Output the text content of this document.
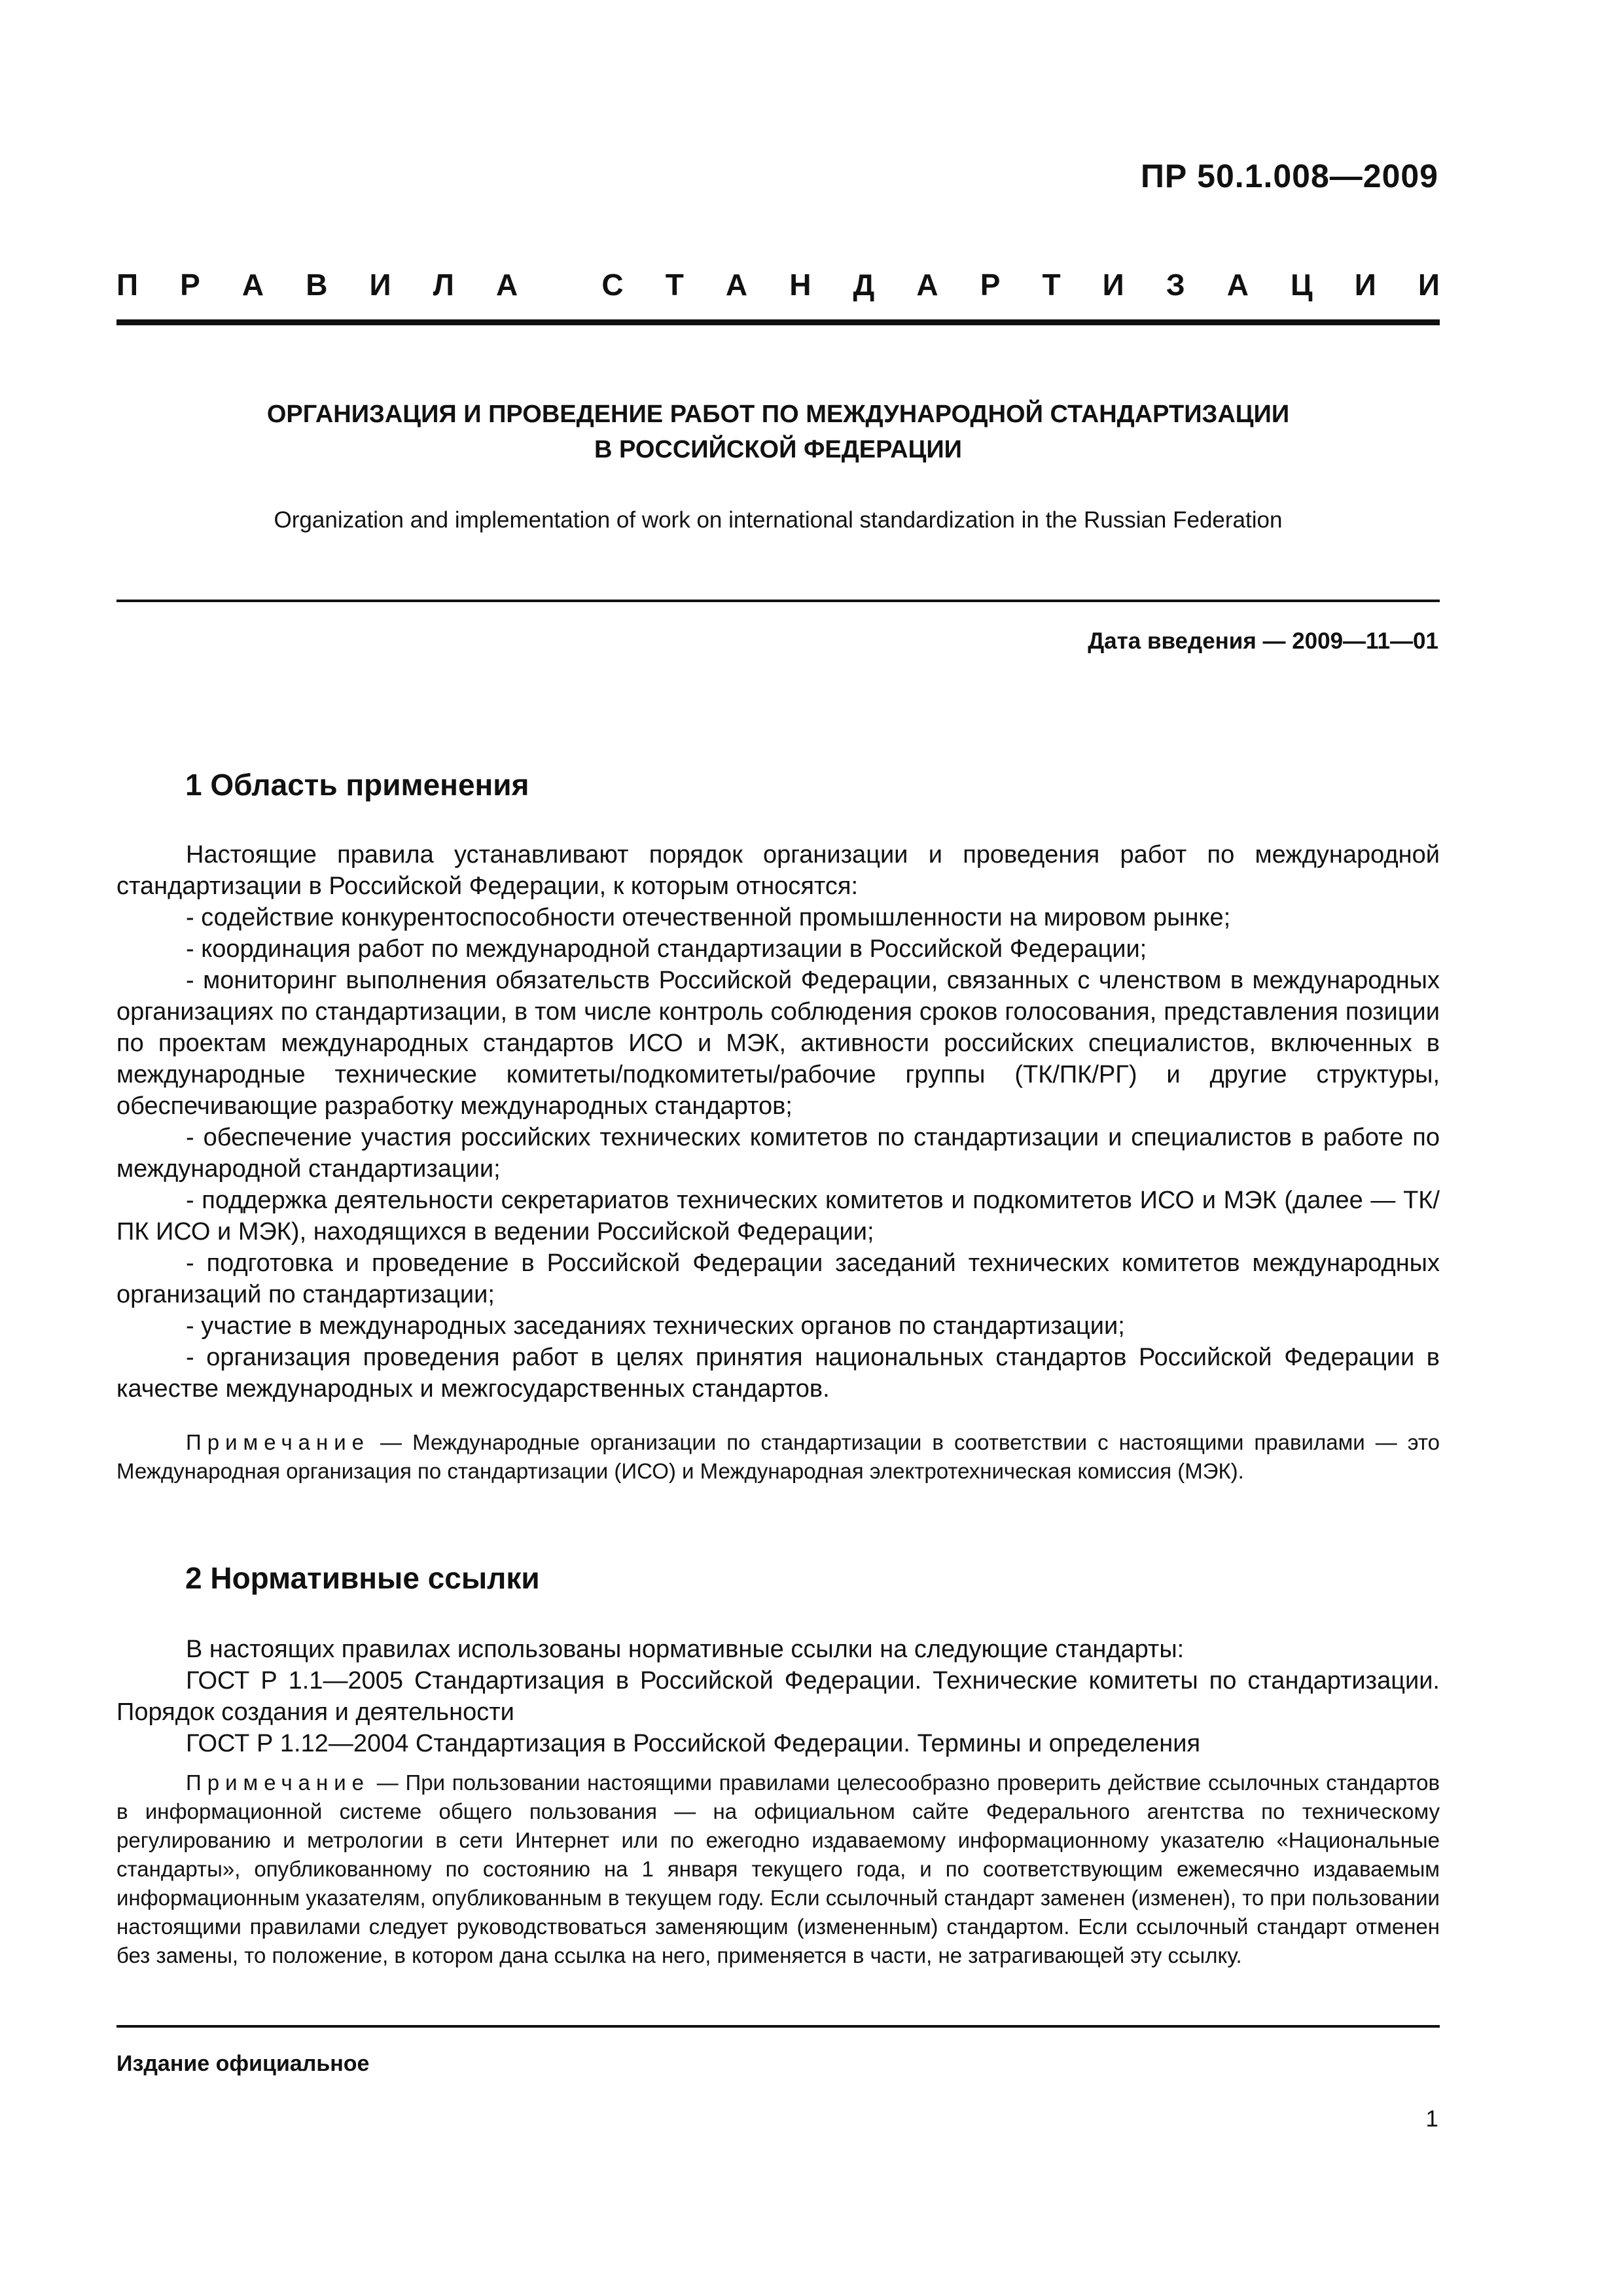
ПР 50.1.008—2009
П Р А В И Л А	С Т А Н Д А Р Т И З А Ц И И
ОРГАНИЗАЦИЯ И ПРОВЕДЕНИЕ РАБОТ ПО МЕЖДУНАРОДНОЙ СТАНДАРТИЗАЦИИ
В РОССИЙСКОЙ ФЕДЕРАЦИИ
Organization and implementation of work on international standardization in the Russian Federation
Дата введения — 2009—11—01
1 Область применения

Настоящие правила устанавливают порядок организации и проведения работ по международной стандартизации в Российской Федерации, к которым относятся:

- содействие конкурентоспособности отечественной промышленности на мировом рынке;

- координация работ по международной стандартизации в Российской Федерации;

- мониторинг выполнения обязательств Российской Федерации, связанных с членством в международных организациях по стандартизации, в том числе контроль соблюдения сроков голосования, представления позиции по проектам международных стандартов ИСО и МЭК, активности российских специалистов, включенных в международные технические комитеты/подкомитеты/рабочие группы (ТК/ПК/РГ) и другие структуры, обеспечивающие разработку международных стандартов;

- обеспечение участия российских технических комитетов по стандартизации и специалистов в работе по международной стандартизации;

- поддержка деятельности секретариатов технических комитетов и подкомитетов ИСО и МЭК (далее — ТК/ПК ИСО и МЭК), находящихся в ведении Российской Федерации;

- подготовка и проведение в Российской Федерации заседаний технических комитетов международных организаций по стандартизации;

- участие в международных заседаниях технических органов по стандартизации;

- организация проведения работ в целях принятия национальных стандартов Российской Федерации в качестве международных и межгосударственных стандартов.

Примечание — Международные организации по стандартизации в соответствии с настоящими правилами — это Международная организация по стандартизации (ИСО) и Международная электротехническая комиссия (МЭК).

2 Нормативные ссылки

В настоящих правилах использованы нормативные ссылки на следующие стандарты:

ГОСТ Р 1.1—2005 Стандартизация в Российской Федерации. Технические комитеты по стандартизации. Порядок создания и деятельности

ГОСТ Р 1.12—2004 Стандартизация в Российской Федерации. Термины и определения

Примечание — При пользовании настоящими правилами целесообразно проверить действие ссылочных стандартов в информационной системе общего пользования — на официальном сайте Федерального агентства по техническому регулированию и метрологии в сети Интернет или по ежегодно издаваемому информационному указателю «Национальные стандарты», опубликованному по состоянию на 1 января текущего года, и по соответствующим ежемесячно издаваемым информационным указателям, опубликованным в текущем году. Если ссылочный стандарт заменен (изменен), то при пользовании настоящими правилами следует руководствоваться заменяющим (измененным) стандартом. Если ссылочный стандарт отменен без замены, то положение, в котором дана ссылка на него, применяется в части, не затрагивающей эту ссылку.

Издание официальное
1
